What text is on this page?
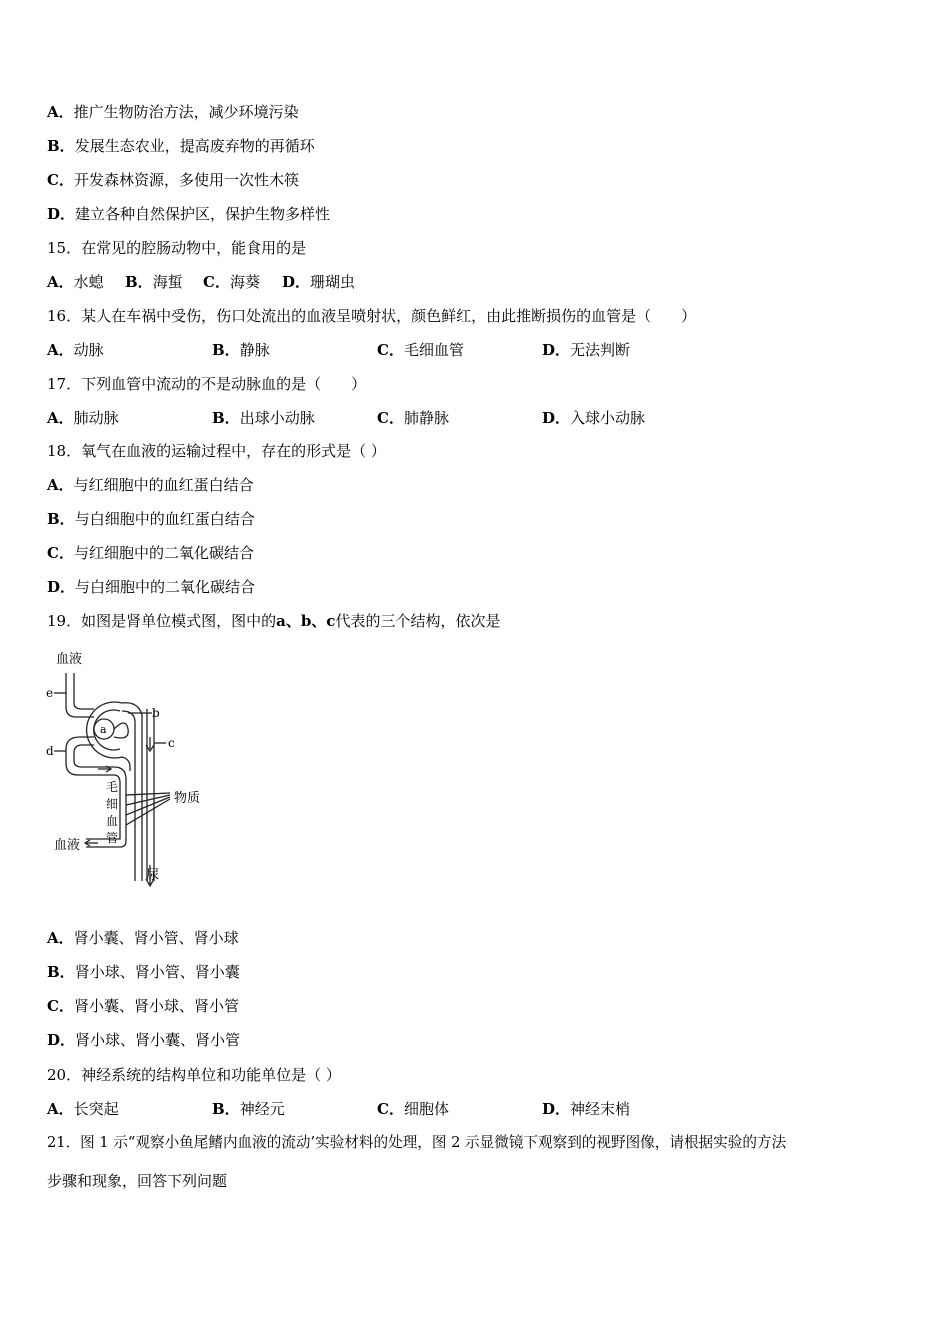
A．推广生物防治方法，减少环境污染
B．发展生态农业，提高废弃物的再循环
C．开发森林资源，多使用一次性木筷
D．建立各种自然保护区，保护生物多样性
15．在常见的腔肠动物中，能食用的是
A．水螅 B．海蜇 C．海葵 D．珊瑚虫
16．某人在车祸中受伤，伤口处流出的血液呈喷射状，颜色鲜红，由此推断损伤的血管是（　　）
A．动脉	B．静脉	C．毛细血管	D．无法判断
17．下列血管中流动的不是动脉血的是（　　）
A．肺动脉	B．出球小动脉	C．肺静脉	D．入球小动脉
18．氧气在血液的运输过程中，存在的形式是（ ）
A．与红细胞中的血红蛋白结合
B．与白细胞中的血红蛋白结合
C．与红细胞中的二氧化碳结合
D．与白细胞中的二氧化碳结合
19．如图是肾单位模式图，图中的a、b、c代表的三个结构，依次是
血液
e
a
b
c
d
毛
细
血
管
物质
血液
尿
A．肾小囊、肾小管、肾小球
B．肾小球、肾小管、肾小囊
C．肾小囊、肾小球、肾小管
D．肾小球、肾小囊、肾小管
20．神经系统的结构单位和功能单位是（ ）
A．长突起	B．神经元	C．细胞体	D．神经末梢
21．图 1 示“观察小鱼尾鳍内血液的流动’实验材料的处理，图 2 示显微镜下观察到的视野图像，请根据实验的方法
步骤和现象，回答下列问题
